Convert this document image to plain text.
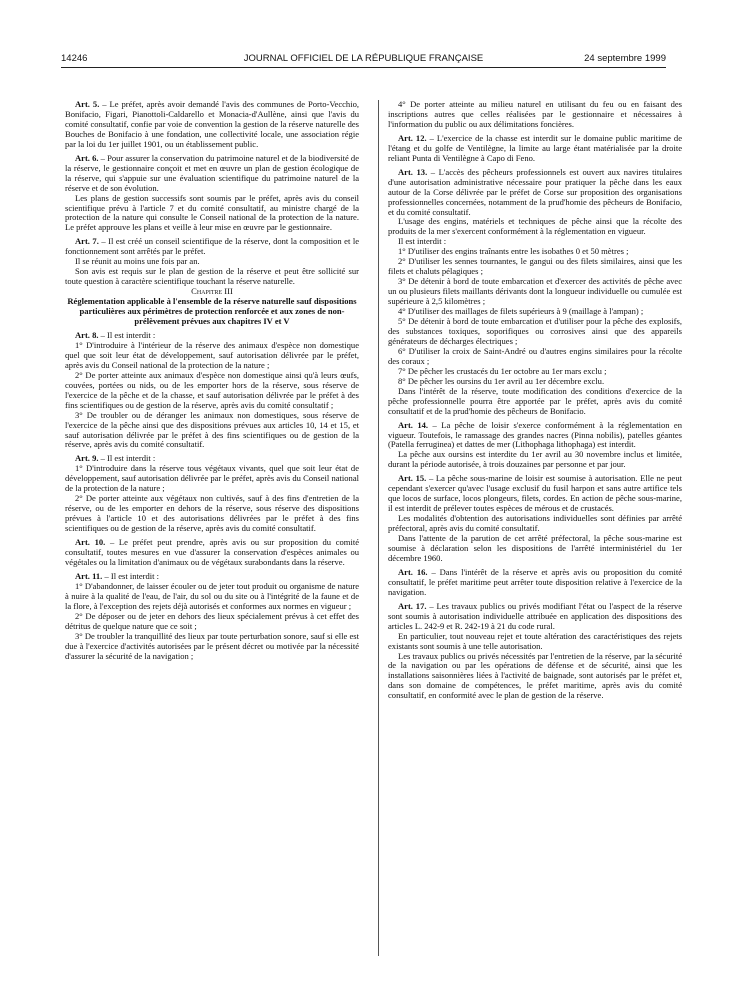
14246	JOURNAL OFFICIEL DE LA RÉPUBLIQUE FRANÇAISE	24 septembre 1999

Art. 5. – Le préfet, après avoir demandé l'avis des communes de Porto-Vecchio, Bonifacio, Figari, Pianottoli-Caldarello et Monacia-d'Aullène, ainsi que l'avis du comité consultatif, confie par voie de convention la gestion de la réserve naturelle des Bouches de Bonifacio à une fondation, une collectivité locale, une association régie par la loi du 1er juillet 1901, ou un établissement public.

Art. 6. – Pour assurer la conservation du patrimoine naturel et de la biodiversité de la réserve, le gestionnaire conçoit et met en œuvre un plan de gestion écologique de la réserve, qui s'appuie sur une évaluation scientifique du patrimoine naturel de la réserve et de son évolution.

Les plans de gestion successifs sont soumis par le préfet, après avis du conseil scientifique prévu à l'article 7 et du comité consultatif, au ministre chargé de la protection de la nature qui consulte le Conseil national de la protection de la nature. Le préfet approuve les plans et veille à leur mise en œuvre par le gestionnaire.

Art. 7. – Il est créé un conseil scientifique de la réserve, dont la composition et le fonctionnement sont arrêtés par le préfet.

Il se réunit au moins une fois par an.

Son avis est requis sur le plan de gestion de la réserve et peut être sollicité sur toute question à caractère scientifique touchant la réserve naturelle.

Chapitre III

Réglementation applicable à l'ensemble de la réserve naturelle sauf dispositions particulières aux périmètres de protection renforcée et aux zones de non-prélèvement prévues aux chapitres IV et V

Art. 8. – Il est interdit :

1° D'introduire à l'intérieur de la réserve des animaux d'espèce non domestique quel que soit leur état de développement, sauf autorisation délivrée par le préfet, après avis du Conseil national de la protection de la nature ;

2° De porter atteinte aux animaux d'espèce non domestique ainsi qu'à leurs œufs, couvées, portées ou nids, ou de les emporter hors de la réserve, sous réserve de l'exercice de la pêche et de la chasse, et sauf autorisation délivrée par le préfet à des fins scientifiques ou de gestion de la réserve, après avis du comité consultatif ;

3° De troubler ou de déranger les animaux non domestiques, sous réserve de l'exercice de la pêche ainsi que des dispositions prévues aux articles 10, 14 et 15, et sauf autorisation délivrée par le préfet à des fins scientifiques ou de gestion de la réserve, après avis du comité consultatif.

Art. 9. – Il est interdit :

1° D'introduire dans la réserve tous végétaux vivants, quel que soit leur état de développement, sauf autorisation délivrée par le préfet, après avis du Conseil national de la protection de la nature ;

2° De porter atteinte aux végétaux non cultivés, sauf à des fins d'entretien de la réserve, ou de les emporter en dehors de la réserve, sous réserve des dispositions prévues à l'article 10 et des autorisations délivrées par le préfet à des fins scientifiques ou de gestion de la réserve, après avis du comité consultatif.

Art. 10. – Le préfet peut prendre, après avis ou sur proposition du comité consultatif, toutes mesures en vue d'assurer la conservation d'espèces animales ou végétales ou la limitation d'animaux ou de végétaux surabondants dans la réserve.

Art. 11. – Il est interdit :

1° D'abandonner, de laisser écouler ou de jeter tout produit ou organisme de nature à nuire à la qualité de l'eau, de l'air, du sol ou du site ou à l'intégrité de la faune et de la flore, à l'exception des rejets déjà autorisés et conformes aux normes en vigueur ;

2° De déposer ou de jeter en dehors des lieux spécialement prévus à cet effet des détritus de quelque nature que ce soit ;

3° De troubler la tranquillité des lieux par toute perturbation sonore, sauf si elle est due à l'exercice d'activités autorisées par le présent décret ou motivée par la nécessité d'assurer la sécurité de la navigation ;

4° De porter atteinte au milieu naturel en utilisant du feu ou en faisant des inscriptions autres que celles réalisées par le gestionnaire et nécessaires à l'information du public ou aux délimitations foncières.

Art. 12. – L'exercice de la chasse est interdit sur le domaine public maritime de l'étang et du golfe de Ventilègne, la limite au large étant matérialisée par la droite reliant Punta di Ventilègne à Capo di Feno.

Art. 13. – L'accès des pêcheurs professionnels est ouvert aux navires titulaires d'une autorisation administrative nécessaire pour pratiquer la pêche dans les eaux autour de la Corse délivrée par le préfet de Corse sur proposition des organisations professionnelles concernées, notamment de la prud'homie des pêcheurs de Bonifacio, et du comité consultatif.

L'usage des engins, matériels et techniques de pêche ainsi que la récolte des produits de la mer s'exercent conformément à la réglementation en vigueur.

Il est interdit :

1° D'utiliser des engins traînants entre les isobathes 0 et 50 mètres ;

2° D'utiliser les sennes tournantes, le gangui ou des filets similaires, ainsi que les filets et chaluts pélagiques ;

3° De détenir à bord de toute embarcation et d'exercer des activités de pêche avec un ou plusieurs filets maillants dérivants dont la longueur individuelle ou cumulée est supérieure à 2,5 kilomètres ;

4° D'utiliser des maillages de filets supérieurs à 9 (maillage à l'ampan) ;

5° De détenir à bord de toute embarcation et d'utiliser pour la pêche des explosifs, des substances toxiques, soporifiques ou corrosives ainsi que des appareils générateurs de décharges électriques ;

6° D'utiliser la croix de Saint-André ou d'autres engins similaires pour la récolte des coraux ;

7° De pêcher les crustacés du 1er octobre au 1er mars exclu ;

8° De pêcher les oursins du 1er avril au 1er décembre exclu.

Dans l'intérêt de la réserve, toute modification des conditions d'exercice de la pêche professionnelle pourra être apportée par le préfet, après avis du comité consultatif et de la prud'homie des pêcheurs de Bonifacio.

Art. 14. – La pêche de loisir s'exerce conformément à la réglementation en vigueur. Toutefois, le ramassage des grandes nacres (Pinna nobilis), patelles géantes (Patella ferruginea) et dattes de mer (Lithophaga lithophaga) est interdit.

La pêche aux oursins est interdite du 1er avril au 30 novembre inclus et limitée, durant la période autorisée, à trois douzaines par personne et par jour.

Art. 15. – La pêche sous-marine de loisir est soumise à autorisation. Elle ne peut cependant s'exercer qu'avec l'usage exclusif du fusil harpon et sans autre artifice tels que locos de surface, locos plongeurs, filets, cordes. En action de pêche sous-marine, il est interdit de prélever toutes espèces de mérous et de crustacés.

Les modalités d'obtention des autorisations individuelles sont définies par arrêté préfectoral, après avis du comité consultatif.

Dans l'attente de la parution de cet arrêté préfectoral, la pêche sous-marine est soumise à déclaration selon les dispositions de l'arrêté interministériel du 1er décembre 1960.

Art. 16. – Dans l'intérêt de la réserve et après avis ou proposition du comité consultatif, le préfet maritime peut arrêter toute disposition relative à l'exercice de la navigation.

Art. 17. – Les travaux publics ou privés modifiant l'état ou l'aspect de la réserve sont soumis à autorisation individuelle attribuée en application des dispositions des articles L. 242-9 et R. 242-19 à 21 du code rural.

En particulier, tout nouveau rejet et toute altération des caractéristiques des rejets existants sont soumis à une telle autorisation.

Les travaux publics ou privés nécessités par l'entretien de la réserve, par la sécurité de la navigation ou par les opérations de défense et de sécurité, ainsi que les installations saisonnières liées à l'activité de baignade, sont autorisés par le préfet et, dans son domaine de compétences, le préfet maritime, après avis du comité consultatif, en conformité avec le plan de gestion de la réserve.
